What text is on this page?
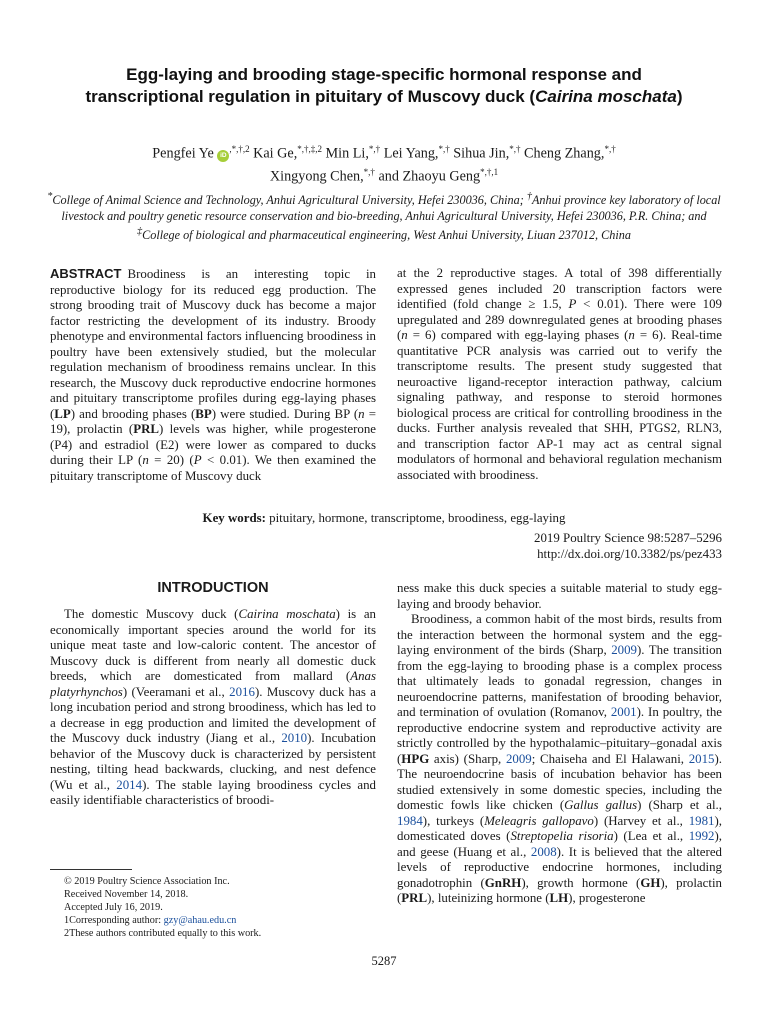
Egg-laying and brooding stage-specific hormonal response and
transcriptional regulation in pituitary of Muscovy duck (Cairina moschata)
Pengfei Ye $iD^{,*,\dagger,2}$ Kai Ge,$^{*,\dagger,\ddagger,2}$ Min Li,*,† Lei Yang,*,† Sihua Jin,*,† Cheng Zhang,*,†
Xingyong Chen,*,† and Zhaoyu Geng$^{*,\dagger,1}$
*College of Animal Science and Technology, Anhui Agricultural University, Hefei 230036, China; †Anhui province key laboratory of local livestock and poultry genetic resource conservation and bio-breeding, Anhui Agricultural University, Hefei 230036, P.R. China; and ‡College of biological and pharmaceutical engineering, West Anhui University, Liuan 237012, China

ABSTRACT Broodiness is an interesting topic in reproductive biology for its reduced egg production. The strong brooding trait of Muscovy duck has become a major factor restricting the development of its industry. Broody phenotype and environmental factors influencing broodiness in poultry have been extensively studied, but the molecular regulation mechanism of broodiness remains unclear. In this research, the Muscovy duck reproductive endocrine hormones and pituitary transcriptome profiles during egg-laying phases (LP) and brooding phases (BP) were studied. During BP (n = 19), prolactin (PRL) levels was higher, while progesterone (P4) and estradiol (E2) were lower as compared to ducks during their LP (n = 20) (P < 0.01). We then examined the pituitary transcriptome of Muscovy duck

at the 2 reproductive stages. A total of 398 differentially expressed genes included 20 transcription factors were identified (fold change ≥ 1.5, P < 0.01). There were 109 upregulated and 289 downregulated genes at brooding phases (n = 6) compared with egg-laying phases (n = 6). Real-time quantitative PCR analysis was carried out to verify the transcriptome results. The present study suggested that neuroactive ligand-receptor interaction pathway, calcium signaling pathway, and response to steroid hormones biological process are critical for controlling broodiness in the ducks. Further analysis revealed that SHH, PTGS2, RLN3, and transcription factor AP-1 may act as central signal modulators of hormonal and behavioral regulation mechanism associated with broodiness.

Key words: pituitary, hormone, transcriptome, broodiness, egg-laying
2019 Poultry Science 98:5287–5296
http://dx.doi.org/10.3382/ps/pez433
INTRODUCTION

The domestic Muscovy duck (Cairina moschata) is an economically important species around the world for its unique meat taste and low-caloric content. The ancestor of Muscovy duck is different from nearly all domestic duck breeds, which are domesticated from mallard (Anas platyrhynchos) (Veeramani et al., 2016). Muscovy duck has a long incubation period and strong broodiness, which has led to a decrease in egg production and limited the development of the Muscovy duck industry (Jiang et al., 2010). Incubation behavior of the Muscovy duck is characterized by persistent nesting, tilting head backwards, clucking, and nest defence (Wu et al., 2014). The stable laying broodiness cycles and easily identifiable characteristics of broodi-

ness make this duck species a suitable material to study egg-laying and broody behavior.

Broodiness, a common habit of the most birds, results from the interaction between the hormonal system and the egg-laying environment of the birds (Sharp, 2009). The transition from the egg-laying to brooding phase is a complex process that ultimately leads to gonadal regression, changes in neuroendocrine patterns, manifestation of brooding behavior, and termination of ovulation (Romanov, 2001). In poultry, the reproductive endocrine system and reproductive activity are strictly controlled by the hypothalamic–pituitary–gonadal axis (HPG axis) (Sharp, 2009; Chaiseha and El Halawani, 2015). The neuroendocrine basis of incubation behavior has been studied extensively in some domestic species, including the domestic fowls like chicken (Gallus gallus) (Sharp et al., 1984), turkeys (Meleagris gallopavo) (Harvey et al., 1981), domesticated doves (Streptopelia risoria) (Lea et al., 1992), and geese (Huang et al., 2008). It is believed that the altered levels of reproductive endocrine hormones, including gonadotrophin (GnRH), growth hormone (GH), prolactin (PRL), luteinizing hormone (LH), progesterone

© 2019 Poultry Science Association Inc.
Received November 14, 2018.
Accepted July 16, 2019.
1Corresponding author: gzy@ahau.edu.cn
2These authors contributed equally to this work.
5287
